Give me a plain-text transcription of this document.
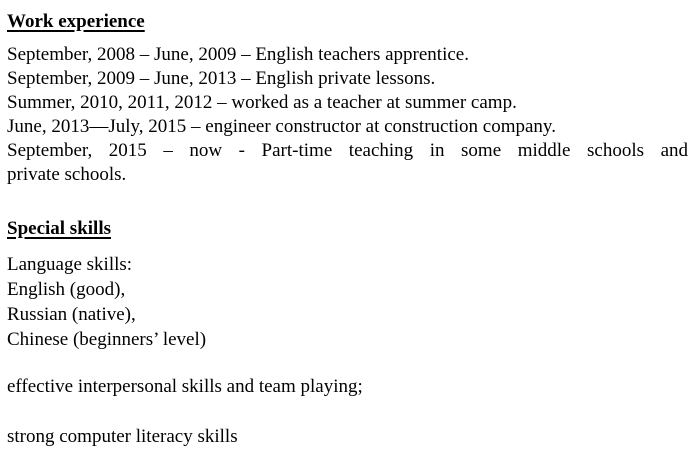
Work experience
September, 2008 – June, 2009 – English teachers apprentice.
September, 2009 – June, 2013 – English private lessons.
Summer, 2010, 2011, 2012 – worked as a teacher at summer camp.
June, 2013—July, 2015 – engineer constructor at construction company.
September, 2015 – now - Part-time teaching in some middle schools and
private schools.
Special skills
Language skills:
English (good),
Russian (native),
Chinese (beginners’ level)
effective interpersonal skills and team playing;
strong computer literacy skills
